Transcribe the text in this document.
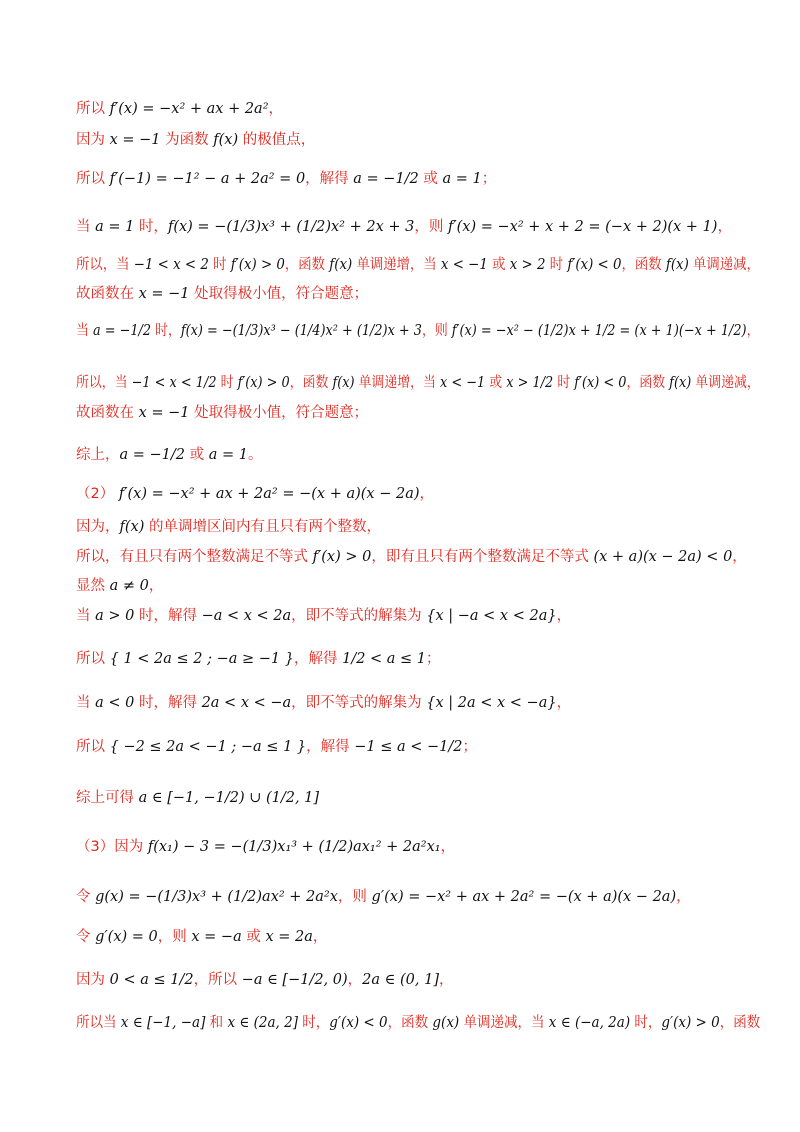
所以 f′(x) = −x² + ax + 2a²，
因为 x = −1 为函数 f(x) 的极值点，
所以 f′(−1) = −1² − a + 2a² = 0，解得 a = −1/2 或 a = 1；
当 a = 1 时，f(x) = −(1/3)x³ + (1/2)x² + 2x + 3，则 f′(x) = −x² + x + 2 = (−x + 2)(x + 1)，
所以，当 −1 < x < 2 时 f′(x) > 0，函数 f(x) 单调递增，当 x < −1 或 x > 2 时 f′(x) < 0，函数 f(x) 单调递减，
故函数在 x = −1 处取得极小值，符合题意；
当 a = −1/2 时，f(x) = −(1/3)x³ − (1/4)x² + (1/2)x + 3，则 f′(x) = −x² − (1/2)x + 1/2 = (x + 1)(−x + 1/2)，
所以，当 −1 < x < 1/2 时 f′(x) > 0，函数 f(x) 单调递增，当 x < −1 或 x > 1/2 时 f′(x) < 0，函数 f(x) 单调递减，
故函数在 x = −1 处取得极小值，符合题意；
综上，a = −1/2 或 a = 1。
（2） f′(x) = −x² + ax + 2a² = −(x + a)(x − 2a)，
因为，f(x) 的单调增区间内有且只有两个整数，
所以，有且只有两个整数满足不等式 f′(x) > 0，即有且只有两个整数满足不等式 (x + a)(x − 2a) < 0，
显然 a ≠ 0，
当 a > 0 时，解得 −a < x < 2a，即不等式的解集为 {x | −a < x < 2a}，
所以 { 1 < 2a ≤ 2 ; −a ≥ −1 }，解得 1/2 < a ≤ 1；
当 a < 0 时，解得 2a < x < −a，即不等式的解集为 {x | 2a < x < −a}，
所以 { −2 ≤ 2a < −1 ; −a ≤ 1 }，解得 −1 ≤ a < −1/2；
综上可得 a ∈ [−1, −1/2) ∪ (1/2, 1]
（3）因为 f(x₁) − 3 = −(1/3)x₁³ + (1/2)ax₁² + 2a²x₁，
令 g(x) = −(1/3)x³ + (1/2)ax² + 2a²x，则 g′(x) = −x² + ax + 2a² = −(x + a)(x − 2a)，
令 g′(x) = 0，则 x = −a 或 x = 2a，
因为 0 < a ≤ 1/2，所以 −a ∈ [−1/2, 0)，2a ∈ (0, 1]，
所以当 x ∈ [−1, −a] 和 x ∈ (2a, 2] 时，g′(x) < 0，函数 g(x) 单调递减，当 x ∈ (−a, 2a) 时，g′(x) > 0，函数
